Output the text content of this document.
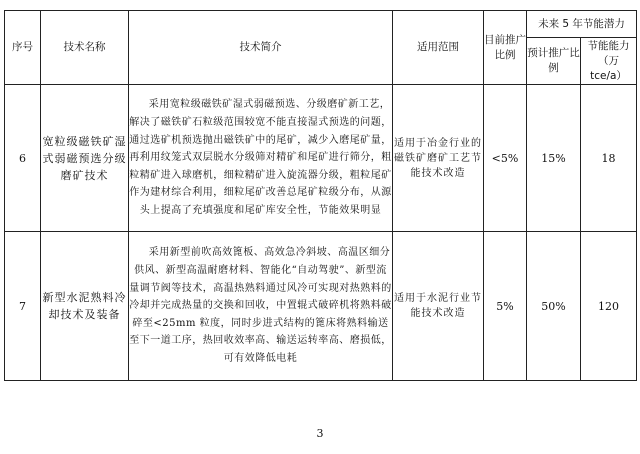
序号	技术名称	技术简介	适用范围	目前推广比例	未来 5 年节能潜力	
					预计推广比例	节能能力（万 tce/a）
6	宽粒级磁铁矿湿式弱磁预选分级磨矿技术	采用宽粒级磁铁矿湿式弱磁预选、分级磨矿新工艺，解决了磁铁矿石粒级范围较宽不能直接湿式预选的问题，通过选矿机预选抛出磁铁矿中的尾矿，减少入磨尾矿量，再利用纹笼式双层脱水分级筛对精矿和尾矿进行筛分，粗粒精矿进入球磨机，细粒精矿进入旋流器分级，粗粒尾矿作为建材综合利用，细粒尾矿改善总尾矿粒级分布，从源头上提高了充填强度和尾矿库安全性，节能效果明显	适用于冶金行业的磁铁矿磨矿工艺节能技术改造	<5%	15%	18
7	新型水泥熟料冷却技术及装备	采用新型前吹高效篦板、高效急冷斜坡、高温区细分供风、新型高温耐磨材料、智能化“自动驾驶”、新型流量调节阀等技术，高温热熟料通过风冷可实现对热熟料的冷却并完成热量的交换和回收，中置辊式破碎机将熟料破碎至<25mm 粒度，同时步进式结构的篦床将熟料输送至下一道工序，热回收效率高、输送运转率高、磨损低，可有效降低电耗	适用于水泥行业节能技术改造	5%	50%	120
3
